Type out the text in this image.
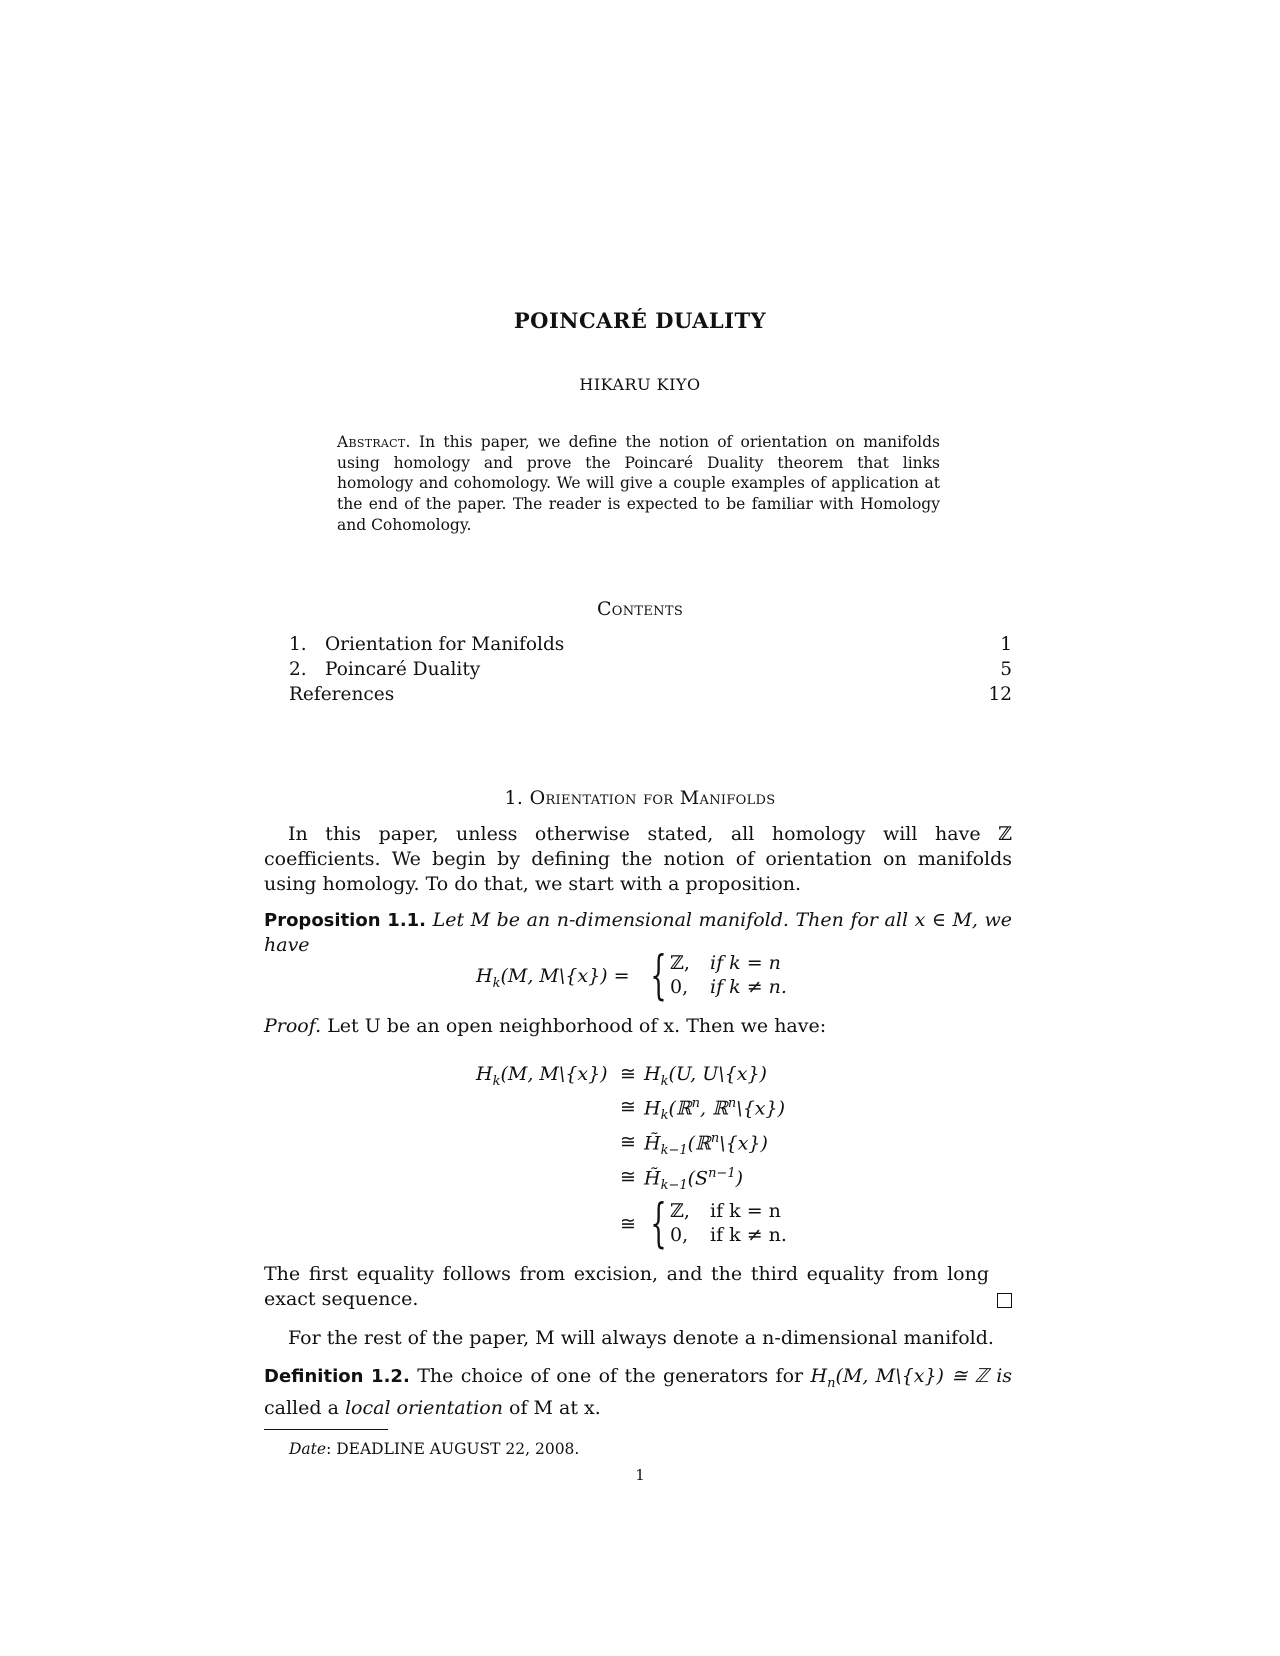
POINCARÉ DUALITY
HIKARU KIYO
Abstract. In this paper, we define the notion of orientation on manifolds using homology and prove the Poincaré Duality theorem that links homology and cohomology. We will give a couple examples of application at the end of the paper. The reader is expected to be familiar with Homology and Cohomology.
Contents
1. Orientation for Manifolds	1
2. Poincaré Duality	5
References	12
1. Orientation for Manifolds
In this paper, unless otherwise stated, all homology will have ℤ coefficients. We begin by defining the notion of orientation on manifolds using homology. To do that, we start with a proposition.
Proposition 1.1. Let M be an n-dimensional manifold. Then for all x ∈ M, we have
$H_k(M$, M\{x}) = { ℤ, if k = n
0, if k ≠ n.
Proof. Let U be an open neighborhood of x. Then we have:
$H_k(M$, M\{x}) ≅ $H_k(U$, U\{x})
≅ $H_k(ℝ^n$, ℝ$^n$\{x})
≅ $H̃_{k-1}(ℝ^n\backslash\{x\})$
≅ $H̃_{k-1}(S^{n-1})$
≅ { ℤ, if k = n
0, if k ≠ n.
The first equality follows from excision, and the third equality from long exact sequence.
For the rest of the paper, M will always denote a n-dimensional manifold.
Definition 1.2. The choice of one of the generators for $H_n(M$, M\{x}) ≅ ℤ is called a local orientation of M at x.
Date: DEADLINE AUGUST 22, 2008.
1
